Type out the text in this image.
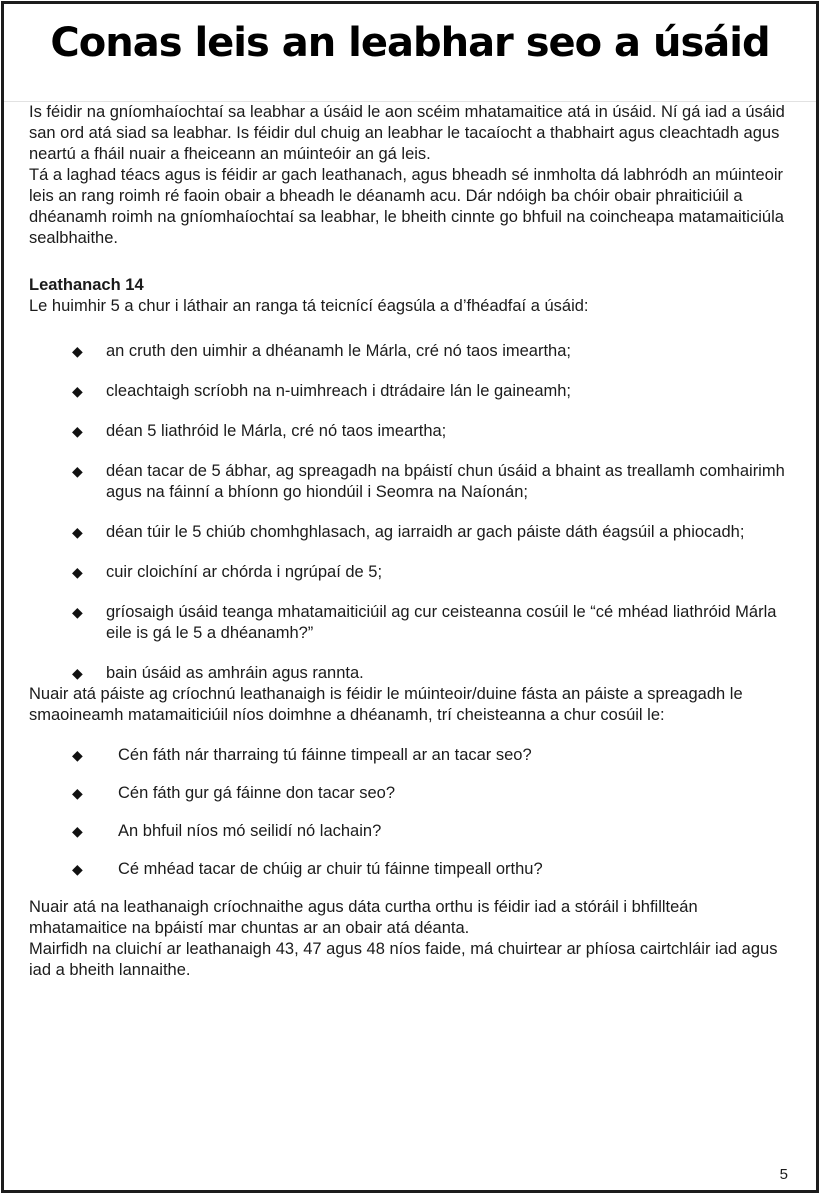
Conas leis an leabhar seo a úsáid

Is féidir na gníomhaíochtaí sa leabhar a úsáid le aon scéim mhatamaitice atá in úsáid. Ní gá iad a úsáid san ord atá siad sa leabhar. Is féidir dul chuig an leabhar le tacaíocht a thabhairt agus cleachtadh agus neartú a fháil nuair a fheiceann an múinteóir an gá leis.

Tá a laghad téacs agus is féidir ar gach leathanach, agus bheadh sé inmholta dá labhródh an múinteoir leis an rang roimh ré faoin obair a bheadh le déanamh acu. Dár ndóigh ba chóir obair phraiticiúil a dhéanamh roimh na gníomhaíochtaí sa leabhar, le bheith cinnte go bhfuil na coincheapa matamaiticiúla sealbhaithe.

Leathanach 14
Le huimhir 5 a chur i láthair an ranga tá teicnící éagsúla a d’fhéadfaí a úsáid:
◆	an cruth den uimhir a dhéanamh le Márla, cré nó taos imeartha;
◆	cleachtaigh scríobh na n-uimhreach i dtrádaire lán le gaineamh;
◆	déan 5 liathróid le Márla, cré nó taos imeartha;
◆	déan tacar de 5 ábhar, ag spreagadh na bpáistí chun úsáid a bhaint as treallamh comhairimh agus na fáinní a bhíonn go hiondúil i Seomra na Naíonán;
◆	déan túir le 5 chiúb chomhghlasach, ag iarraidh ar gach páiste dáth éagsúil a phiocadh;
◆	cuir cloichíní ar chórda i ngrúpaí de 5;
◆	gríosaigh úsáid teanga mhatamaiticiúil ag cur ceisteanna cosúil le “cé mhéad liathróid Márla eile is gá le 5 a dhéanamh?”
◆	bain úsáid as amhráin agus rannta.

Nuair atá páiste ag críochnú leathanaigh is féidir le múinteoir/duine fásta an páiste a spreagadh le smaoineamh matamaiticiúil níos doimhne a dhéanamh, trí cheisteanna a chur cosúil le:

◆	Cén fáth nár tharraing tú fáinne timpeall ar an tacar seo?
◆	Cén fáth gur gá fáinne don tacar seo?
◆	An bhfuil níos mó seilidí nó lachain?
◆	Cé mhéad tacar de chúig ar chuir tú fáinne timpeall orthu?

Nuair atá na leathanaigh críochnaithe agus dáta curtha orthu is féidir iad a stóráil i bhfillteán mhatamaitice na bpáistí mar chuntas ar an obair atá déanta.

Mairfidh na cluichí ar leathanaigh 43, 47 agus 48 níos faide, má chuirtear ar phíosa cairtchláir iad agus iad a bheith lannaithe.

5
